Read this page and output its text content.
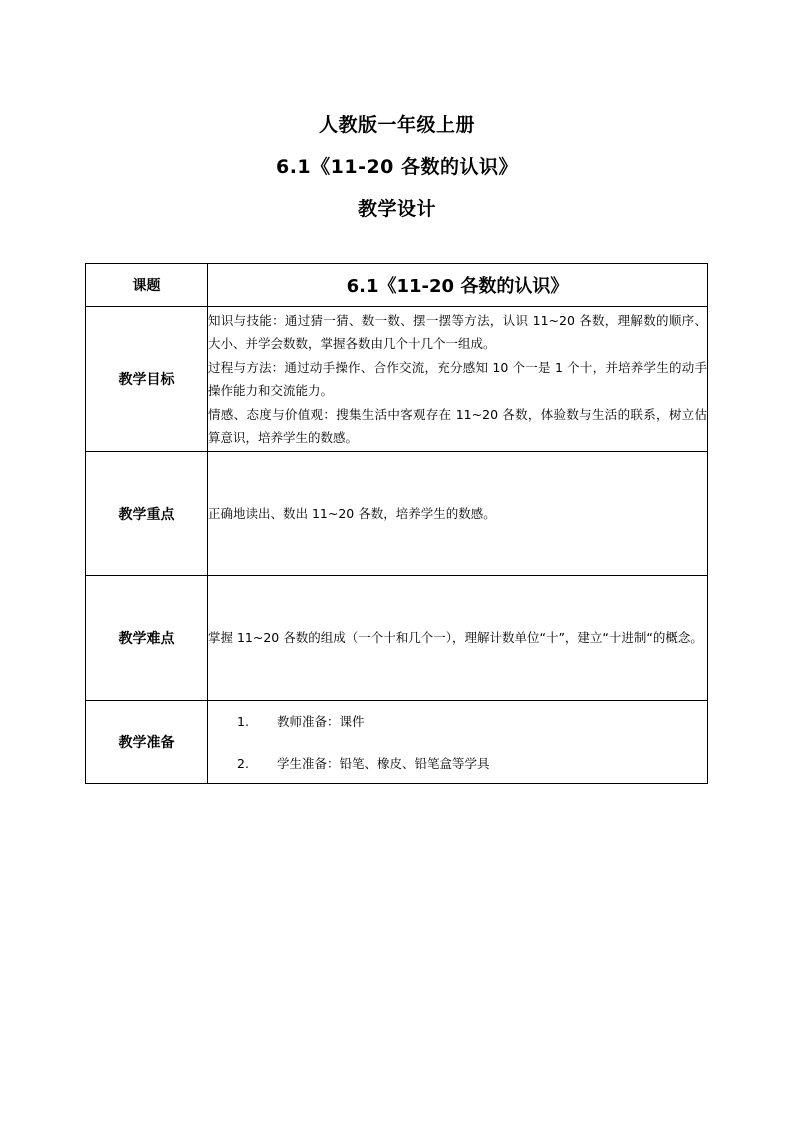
人教版一年级上册
6.1《11-20 各数的认识》
教学设计
课题	6.1《11-20 各数的认识》
教学目标	知识与技能：通过猜一猜、数一数、摆一摆等方法，认识 11~20 各数，理解数的顺序、大小、并学会数数，掌握各数由几个十几个一组成。
过程与方法：通过动手操作、合作交流，充分感知 10 个一是 1 个十，并培养学生的动手操作能力和交流能力。
情感、态度与价值观：搜集生活中客观存在 11~20 各数，体验数与生活的联系，树立估算意识，培养学生的数感。

教学重点	正确地读出、数出 11~20 各数，培养学生的数感。

教学难点	掌握 11~20 各数的组成（一个十和几个一），理解计数单位“十”，建立“十进制“的概念。

教学准备	1. 教师准备：课件
2. 学生准备：铅笔、橡皮、铅笔盒等学具
